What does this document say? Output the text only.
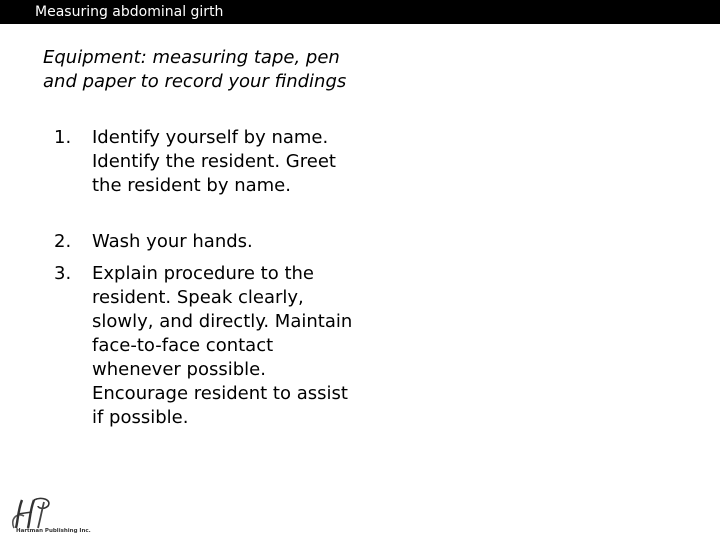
Measuring abdominal girth
Equipment: measuring tape, pen and paper to record your findings
1. Identify yourself by name. Identify the resident. Greet the resident by name.
2. Wash your hands.
3. Explain procedure to the resident. Speak clearly, slowly, and directly. Maintain face-to-face contact whenever possible. Encourage resident to assist if possible.
Hartman Publishing Inc.
